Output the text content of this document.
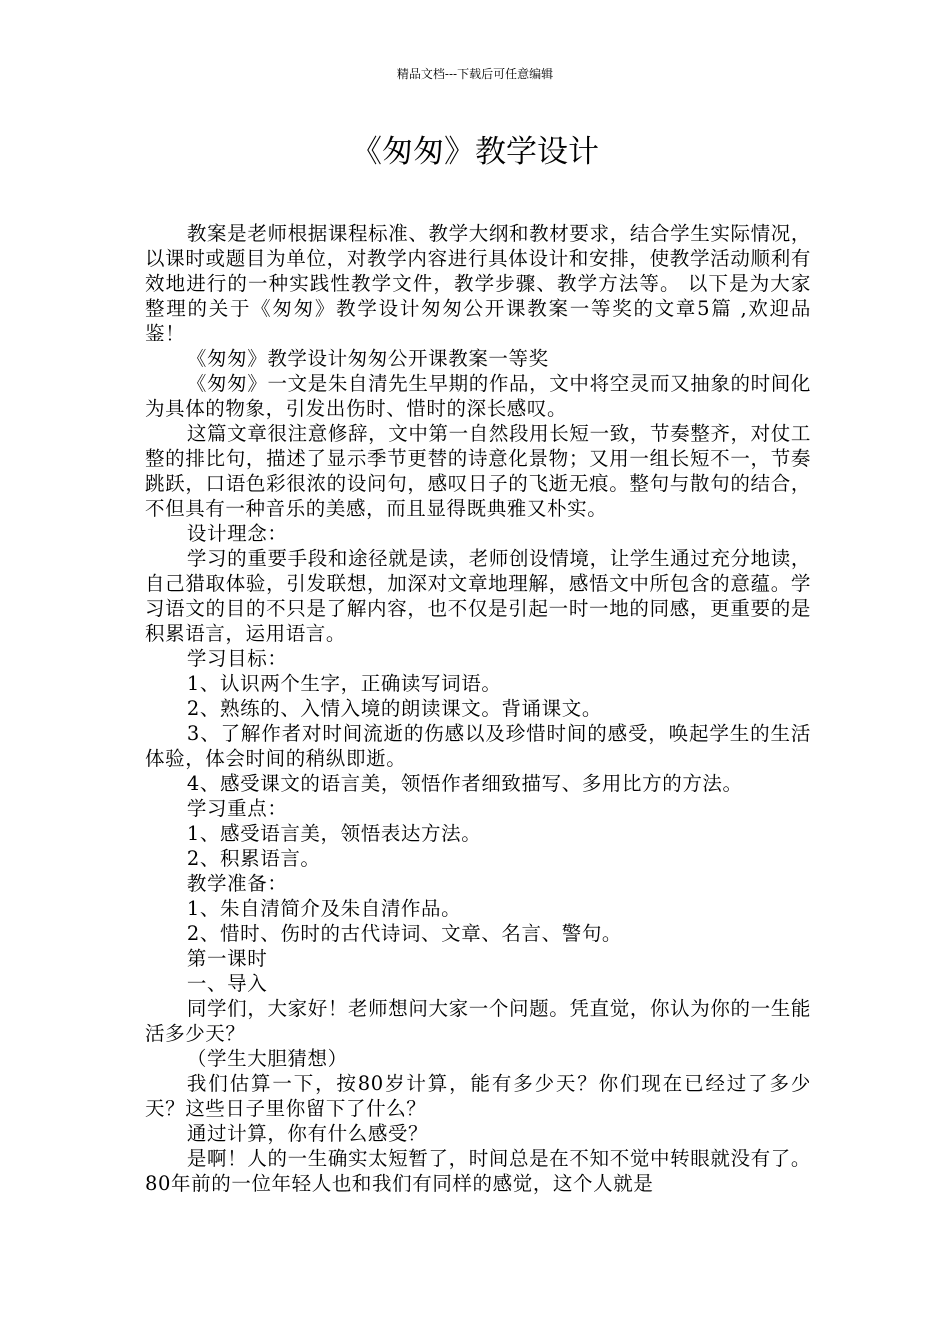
精品文档---下载后可任意编辑
《匆匆》教学设计

教案是老师根据课程标准、教学大纲和教材要求，结合学生实际情况，以课时或题目为单位，对教学内容进行具体设计和安排，使教学活动顺利有效地进行的一种实践性教学文件，教学步骤、教学方法等。 以下是为大家整理的关于《匆匆》教学设计匆匆公开课教案一等奖的文章5篇 ,欢迎品鉴！

《匆匆》教学设计匆匆公开课教案一等奖

《匆匆》一文是朱自清先生早期的作品，文中将空灵而又抽象的时间化为具体的物象，引发出伤时、惜时的深长感叹。

这篇文章很注意修辞，文中第一自然段用长短一致，节奏整齐，对仗工整的排比句，描述了显示季节更替的诗意化景物；又用一组长短不一，节奏跳跃，口语色彩很浓的设问句，感叹日子的飞逝无痕。整句与散句的结合，不但具有一种音乐的美感，而且显得既典雅又朴实。

设计理念：

学习的重要手段和途径就是读，老师创设情境，让学生通过充分地读，自己猎取体验，引发联想，加深对文章地理解，感悟文中所包含的意蕴。学习语文的目的不只是了解内容，也不仅是引起一时一地的同感，更重要的是积累语言，运用语言。

学习目标：

1、认识两个生字，正确读写词语。

2、熟练的、入情入境的朗读课文。背诵课文。

3、了解作者对时间流逝的伤感以及珍惜时间的感受，唤起学生的生活体验，体会时间的稍纵即逝。

4、感受课文的语言美，领悟作者细致描写、多用比方的方法。

学习重点：

1、感受语言美，领悟表达方法。

2、积累语言。

教学准备：

1、朱自清简介及朱自清作品。

2、惜时、伤时的古代诗词、文章、名言、警句。

第一课时

一、导入

同学们，大家好！老师想问大家一个问题。凭直觉，你认为你的一生能活多少天？

（学生大胆猜想）

我们估算一下，按80岁计算，能有多少天？你们现在已经过了多少天？这些日子里你留下了什么？

通过计算，你有什么感受？

是啊！人的一生确实太短暂了，时间总是在不知不觉中转眼就没有了。80年前的一位年轻人也和我们有同样的感觉，这个人就是
